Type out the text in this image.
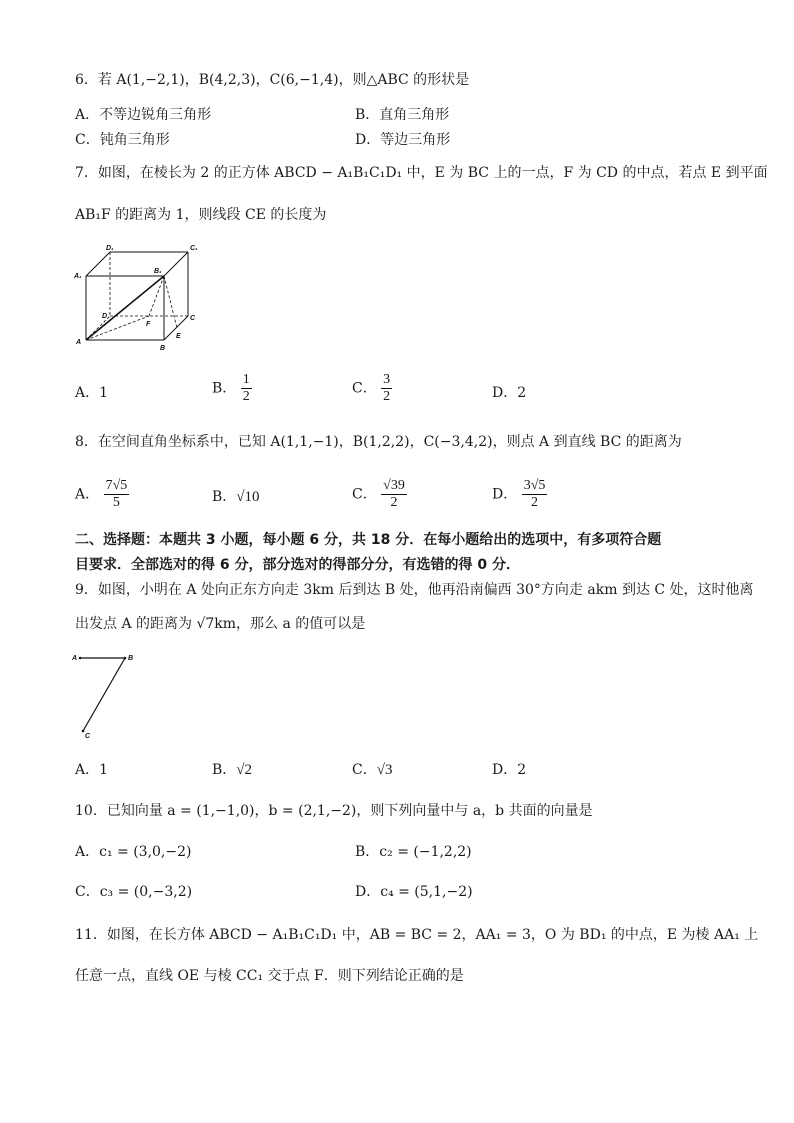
6．若 A(1,−2,1)，B(4,2,3)，C(6,−1,4)，则△ABC 的形状是
A．不等边锐角三角形	B．直角三角形
C．钝角三角形	D．等边三角形
7．如图，在棱长为 2 的正方体 ABCD − A₁B₁C₁D₁ 中，E 为 BC 上的一点，F 为 CD 的中点，若点 E 到平面
AB₁F 的距离为 1，则线段 CE 的长度为
D₁	C₁
A₁
B₁
D
F
C
A
E
B
A．1	B． $\frac{1}{2}$	C． $\frac{3}{2}$	D．2
8．在空间直角坐标系中，已知 A(1,1,−1)，B(1,2,2)，C(−3,4,2)，则点 A 到直线 BC 的距离为
A． $\frac{7√5}{5}$	B．√10	C． $\frac{√39}{2}$	D． $\frac{3√5}{2}$
二、选择题：本题共 3 小题，每小题 6 分，共 18 分．在每小题给出的选项中，有多项符合题
目要求．全部选对的得 6 分，部分选对的得部分分，有选错的得 0 分．
9．如图，小明在 A 处向正东方向走 3km 后到达 B 处，他再沿南偏西 30°方向走 akm 到达 C 处，这时他离
出发点 A 的距离为 √7km，那么 a 的值可以是
A	B
C
A．1	B．√2	C．√3	D．2
10．已知向量 a = (1,−1,0)，b = (2,1,−2)，则下列向量中与 a，b 共面的向量是
A．c₁ = (3,0,−2)	B．c₂ = (−1,2,2)
C．c₃ = (0,−3,2)	D．c₄ = (5,1,−2)
11．如图，在长方体 ABCD − A₁B₁C₁D₁ 中，AB = BC = 2，AA₁ = 3，O 为 BD₁ 的中点，E 为棱 AA₁ 上
任意一点，直线 OE 与棱 CC₁ 交于点 F．则下列结论正确的是
